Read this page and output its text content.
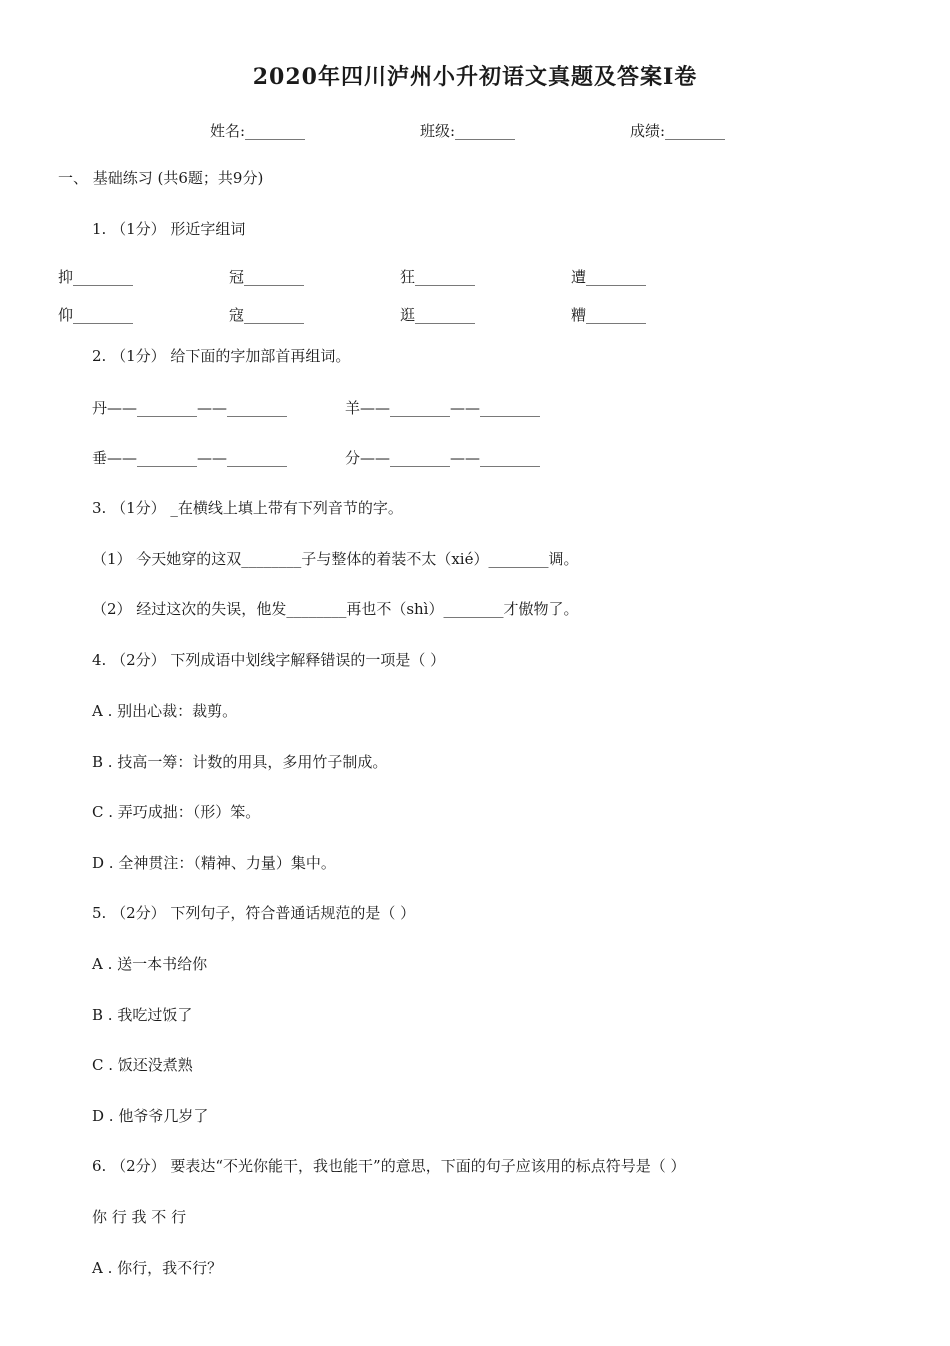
2020年四川泸州小升初语文真题及答案Ⅰ卷
姓名:________	班级:________	成绩:________
一、 基础练习 (共6题；共9分)
1. （1分） 形近字组词
抑________	冠________	狂________	遭________
仰________	寇________	逛________	糟________
2. （1分） 给下面的字加部首再组词。
丹——________——________	羊——________——________
垂——________——________	分——________——________
3. （1分） _在横线上填上带有下列音节的字。
（1） 今天她穿的这双________子与整体的着装不太（xié）________调。
（2） 经过这次的失误，他发________再也不（shì）________才傲物了。
4. （2分） 下列成语中划线字解释错误的一项是（ ）
A . 别出心裁：裁剪。
B . 技高一筹：计数的用具，多用竹子制成。
C . 弄巧成拙：（形）笨。
D . 全神贯注：（精神、力量）集中。
5. （2分） 下列句子，符合普通话规范的是（ ）
A . 送一本书给你
B . 我吃过饭了
C . 饭还没煮熟
D . 他爷爷几岁了
6. （2分） 要表达“不光你能干，我也能干”的意思，下面的句子应该用的标点符号是（ ）
你 行 我 不 行
A . 你行，我不行？
